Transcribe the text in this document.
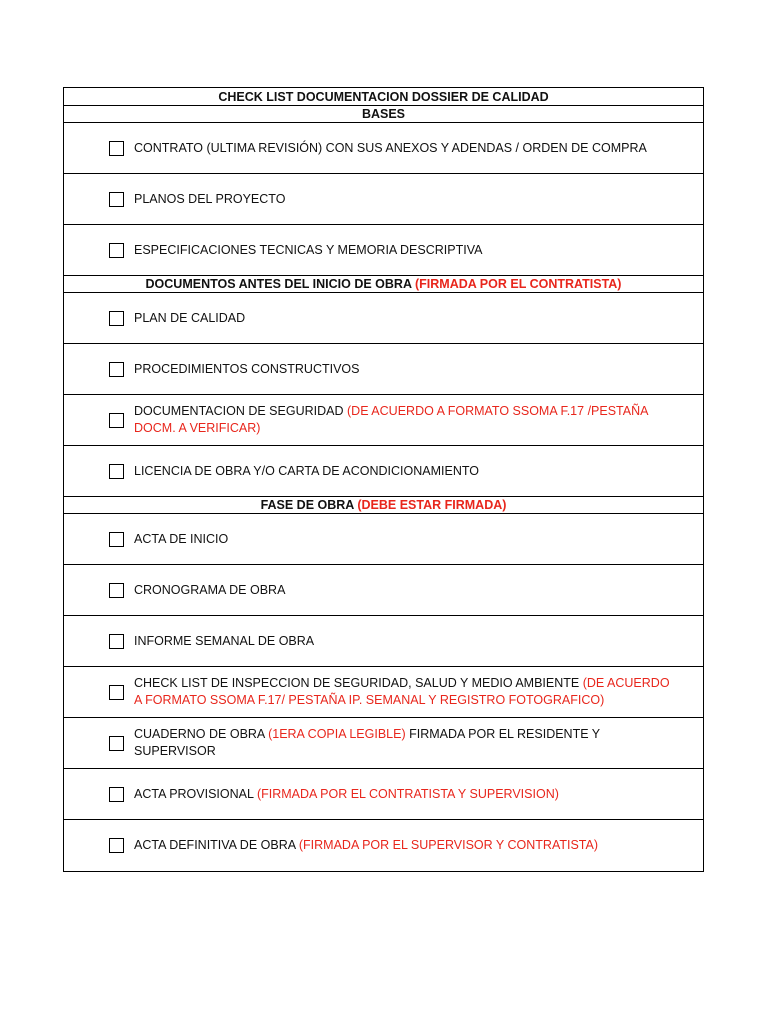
CHECK LIST DOCUMENTACION DOSSIER DE CALIDAD
BASES
CONTRATO (ULTIMA REVISIÓN) CON SUS ANEXOS Y ADENDAS / ORDEN DE COMPRA
PLANOS DEL PROYECTO
ESPECIFICACIONES TECNICAS Y MEMORIA DESCRIPTIVA
DOCUMENTOS ANTES DEL INICIO DE OBRA (FIRMADA POR EL CONTRATISTA)
PLAN DE CALIDAD
PROCEDIMIENTOS CONSTRUCTIVOS
DOCUMENTACION DE SEGURIDAD (DE ACUERDO A FORMATO SSOMA F.17 /PESTAÑA DOCM. A VERIFICAR)
LICENCIA DE OBRA Y/O CARTA DE ACONDICIONAMIENTO
FASE DE OBRA (DEBE ESTAR FIRMADA)
ACTA DE INICIO
CRONOGRAMA DE OBRA
INFORME SEMANAL DE OBRA
CHECK LIST DE INSPECCION DE SEGURIDAD, SALUD Y MEDIO AMBIENTE (DE ACUERDO A FORMATO SSOMA F.17/ PESTAÑA IP. SEMANAL Y REGISTRO FOTOGRAFICO)
CUADERNO DE OBRA (1ERA COPIA LEGIBLE) FIRMADA POR EL RESIDENTE Y SUPERVISOR
ACTA PROVISIONAL (FIRMADA POR EL CONTRATISTA Y SUPERVISION)
ACTA DEFINITIVA DE OBRA (FIRMADA POR EL SUPERVISOR Y CONTRATISTA)
